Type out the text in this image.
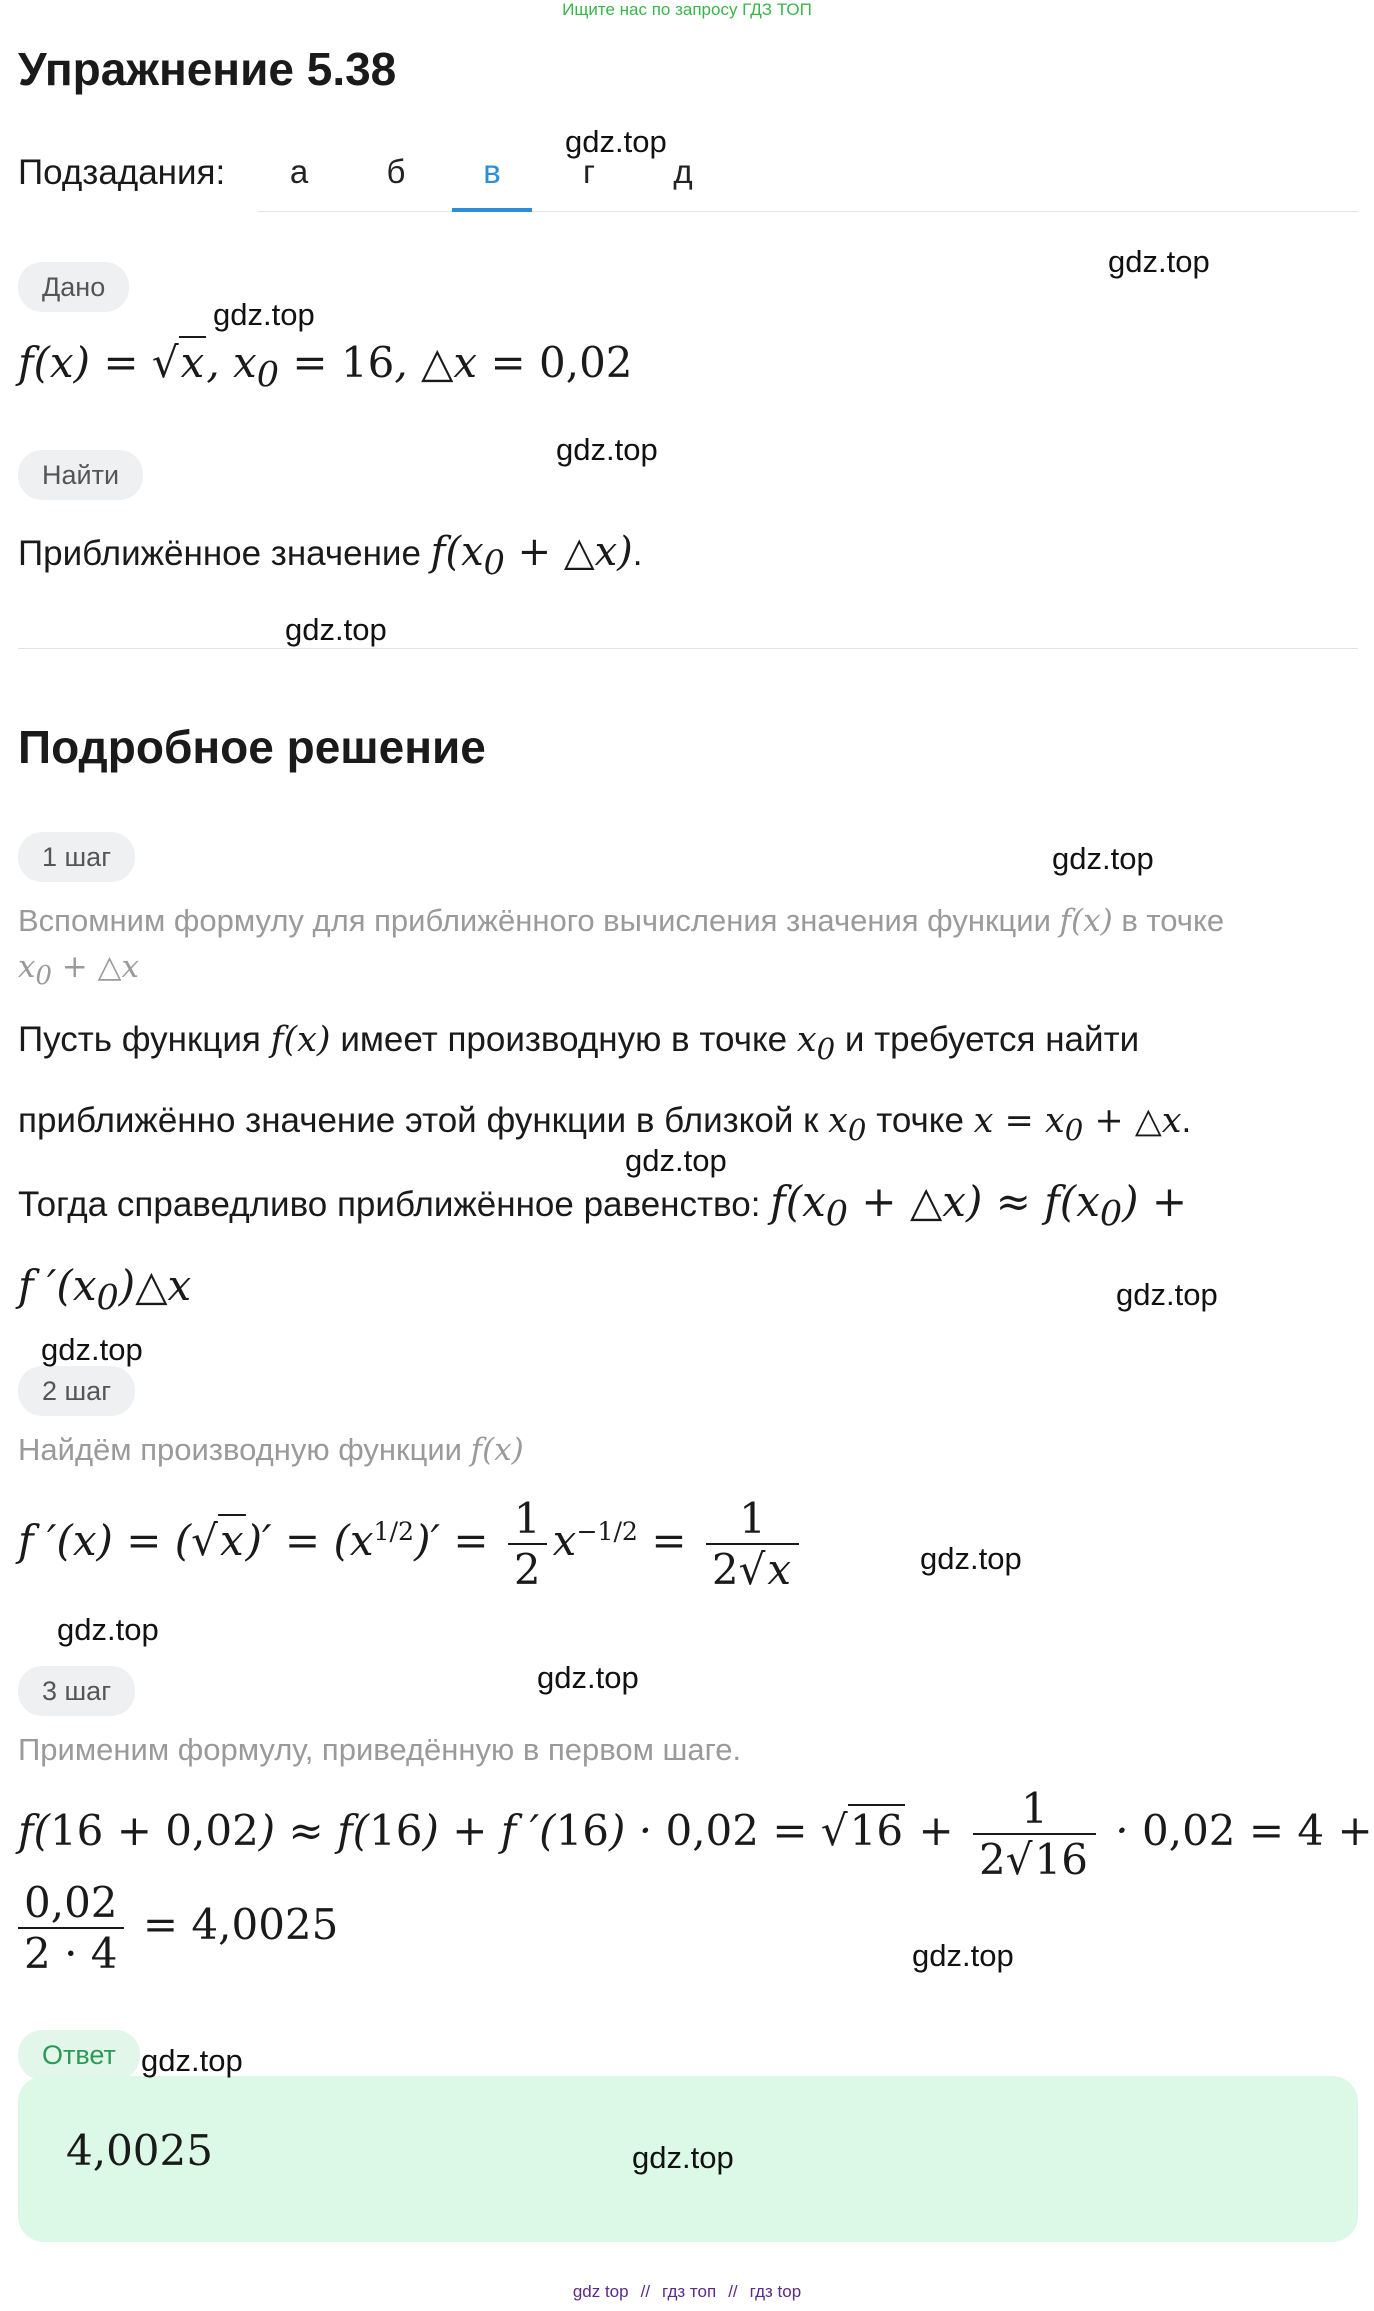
Ищите нас по запросу ГДЗ ТОП
Упражнение 5.38
Подзадания:	а	б	в	г	д
Дано
f(x) = √x, $x_0 = 16$, △x = 0,02
Найти
Приближённое значение $f(x_0$ + △x).
Подробное решение
1 шаг
Вспомним формулу для приближённого вычисления значения функции f(x) в точке
$x_0$ + △x
Пусть функция f(x) имеет производную в точке $x_0$ и требуется найти
приближённо значение этой функции в близкой к $x_0$ точке $x = x_0$ + △x.
Тогда справедливо приближённое равенство: $f(x_0$ + △x) ≈ $f(x_0)$ +
f $'(x_0)\triangle x$
2 шаг
Найдём производную функции f(x)
f $'(x) = (√x)' = (x^{1/2})' = \frac{1}{2} x^{-1/2} = \frac{1}{2√x}$
3 шаг
Применим формулу, приведённую в первом шаге.
f(16 + 0,02) ≈ f(16) + f $'(16) \cdot 0,02 = √16 + \frac{1}{2√16} \cdot 0,02 = 4$ +
$\frac{0,02}{2 \cdot 4} = 4,0025$
Ответ
4,0025
gdz.top
gdz.top
gdz.top
gdz.top
gdz.top
gdz.top
gdz.top
gdz.top
gdz.top
gdz.top
gdz.top
gdz.top
gdz.top
gdz.top
gdz.top
gdz top // гдз топ // гдз top
